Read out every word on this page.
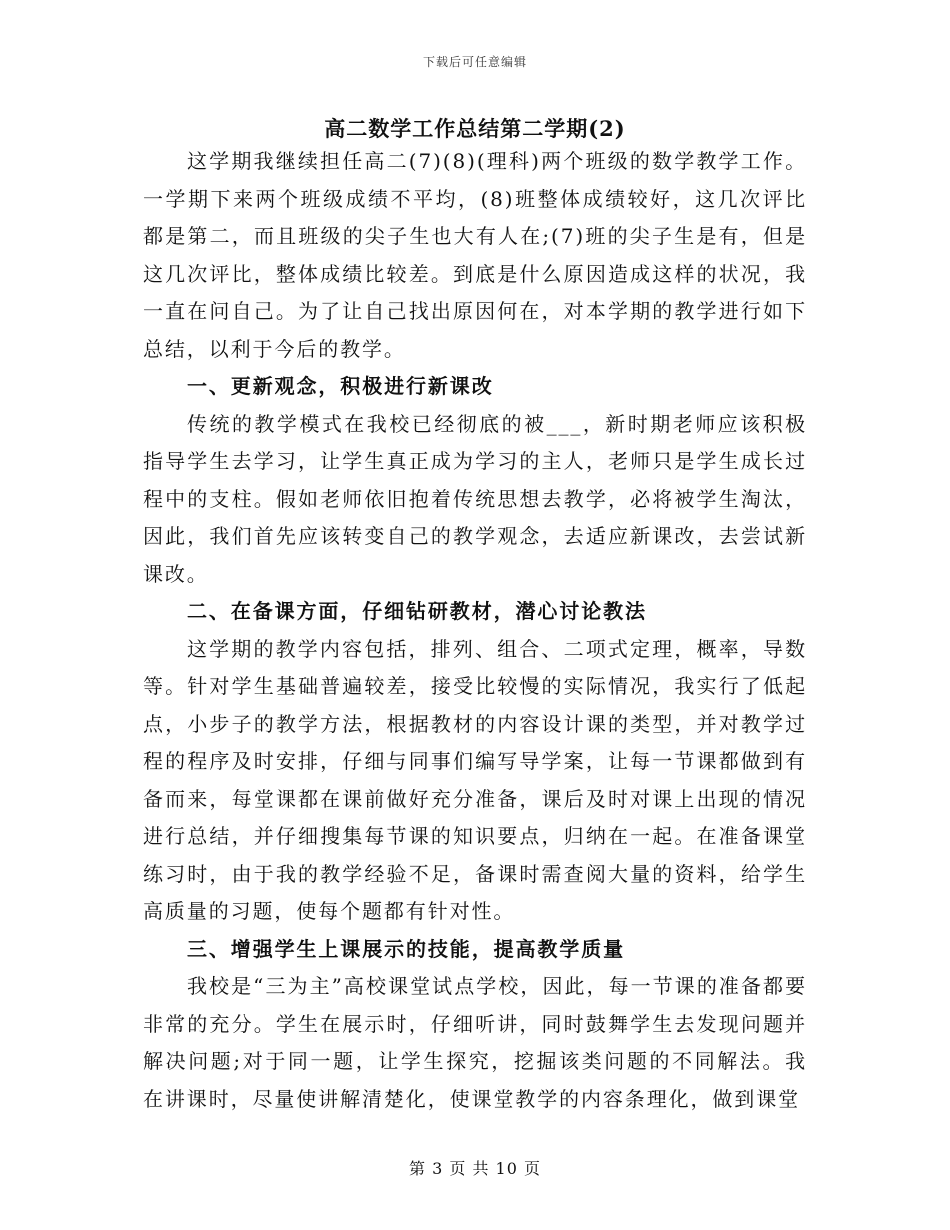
下载后可任意编辑
高二数学工作总结第二学期(2)

这学期我继续担任高二(7)(8)(理科)两个班级的数学教学工作。一学期下来两个班级成绩不平均，(8)班整体成绩较好，这几次评比都是第二，而且班级的尖子生也大有人在;(7)班的尖子生是有，但是这几次评比，整体成绩比较差。到底是什么原因造成这样的状况，我一直在问自己。为了让自己找出原因何在，对本学期的教学进行如下总结，以利于今后的教学。

一、更新观念，积极进行新课改

传统的教学模式在我校已经彻底的被___，新时期老师应该积极指导学生去学习，让学生真正成为学习的主人，老师只是学生成长过程中的支柱。假如老师依旧抱着传统思想去教学，必将被学生淘汰，因此，我们首先应该转变自己的教学观念，去适应新课改，去尝试新课改。

二、在备课方面，仔细钻研教材，潜心讨论教法

这学期的教学内容包括，排列、组合、二项式定理，概率，导数等。针对学生基础普遍较差，接受比较慢的实际情况，我实行了低起点，小步子的教学方法，根据教材的内容设计课的类型，并对教学过程的程序及时安排，仔细与同事们编写导学案，让每一节课都做到有备而来，每堂课都在课前做好充分准备，课后及时对课上出现的情况进行总结，并仔细搜集每节课的知识要点，归纳在一起。在准备课堂练习时，由于我的教学经验不足，备课时需查阅大量的资料，给学生高质量的习题，使每个题都有针对性。

三、增强学生上课展示的技能，提高教学质量

我校是“三为主”高校课堂试点学校，因此，每一节课的准备都要非常的充分。学生在展示时，仔细听讲，同时鼓舞学生去发现问题并解决问题;对于同一题，让学生探究，挖掘该类问题的不同解法。我在讲课时，尽量使讲解清楚化，使课堂教学的内容条理化，做到课堂

第 3 页 共 10 页
